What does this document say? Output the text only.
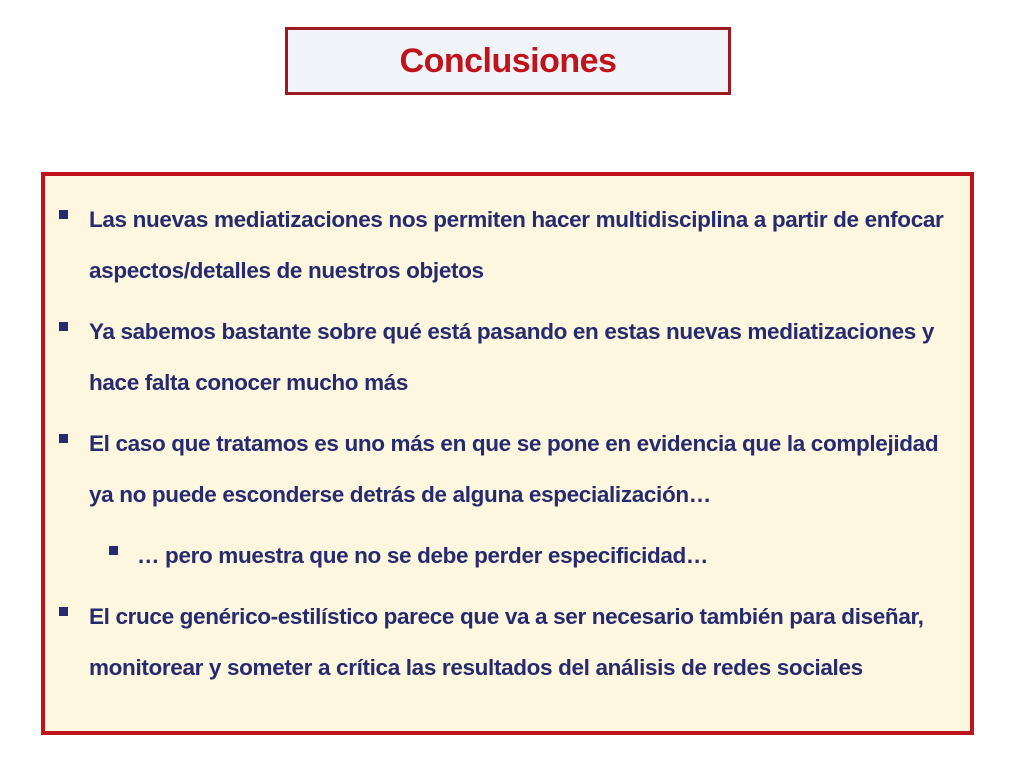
Conclusiones
Las nuevas mediatizaciones nos permiten hacer multidisciplina a partir de enfocar aspectos/detalles de nuestros objetos
Ya sabemos bastante sobre qué está pasando en estas nuevas mediatizaciones y hace falta conocer mucho más
El caso que tratamos es uno más en que se pone en evidencia que la complejidad ya no puede esconderse detrás de alguna especialización…
… pero muestra que no se debe perder especificidad…
El cruce genérico-estilístico parece que va a ser necesario también para diseñar, monitorear y someter a crítica las resultados del análisis de redes sociales
